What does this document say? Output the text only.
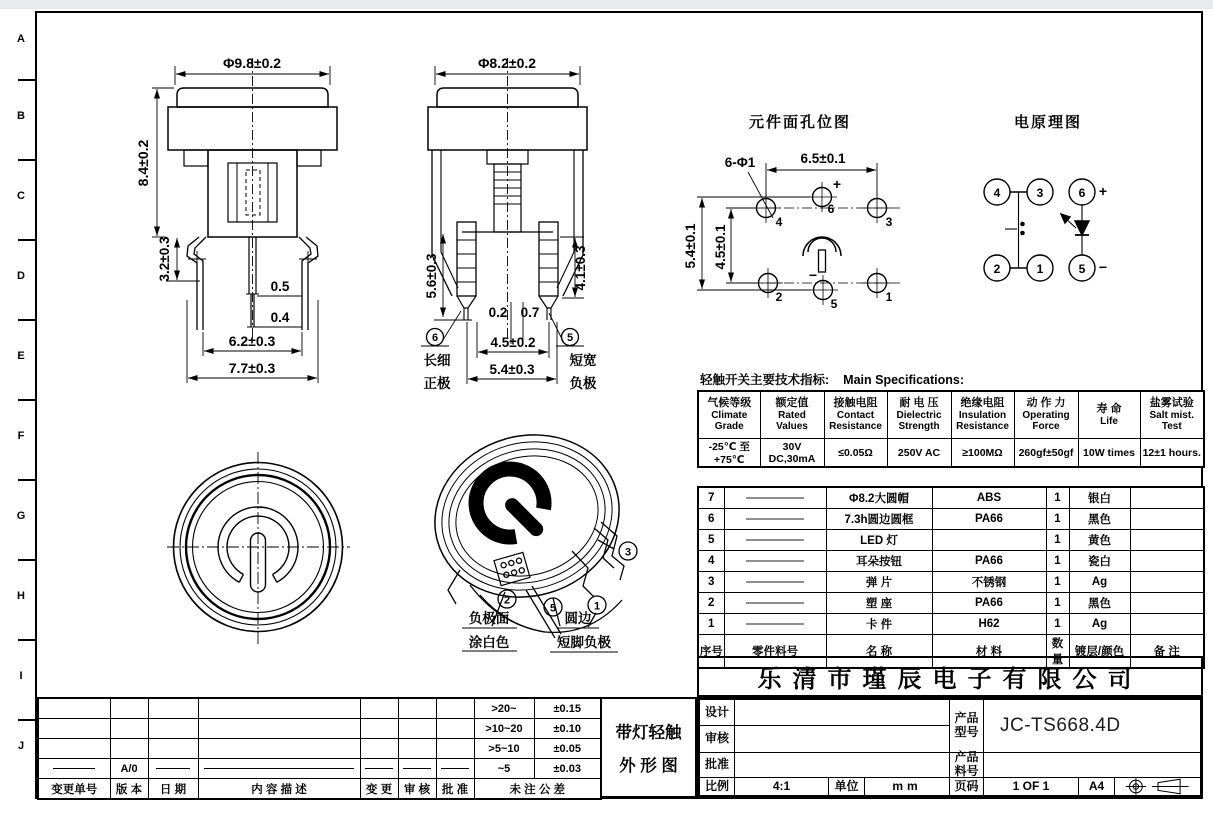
A
B
C
D
E
F
G
H
I
J
Φ9.8±0.2
8.4±0.2
3.2±0.3
0.5
0.4
6.2±0.3
7.7±0.3
Φ8.2±0.2
5.6±0.3	4.1±0.3
0.2 0.7
4.5±0.2
5.4±0.3
6
长细
正极
5
短宽
负极
元件面孔位图
6-Φ1	6.5±0.1
5.4±0.1 4.5±0.1
4
6
3
2	5	1
+
−
电原理图
4	3	6
2	1	5
+
−
2
5	1
3
负极面
涂白色
圆边
短脚负极
轻触开关主要技术指标: Main Specifications:
气候等级
Climate
Grade	额定值
Rated
Values	接触电阻
Contact
Resistance	耐 电 压
Dielectric
Strength	绝缘电阻
Insulation
Resistance	动 作 力
Operating
Force	寿 命
Life	盐雾试验
Salt mist.
Test
-25℃ 至 +75℃	30V DC,30mA	≤0.05Ω	250V AC	≥100MΩ	260gf±50gf	10W times	12±1 hours.
7		Φ8.2大圆帽	ABS	1	银白	
6		7.3h圆边圆框	PA66	1	黑色	
5		LED 灯		1	黄色	
4		耳朵按钮	PA66	1	瓷白	
3		弹 片	不锈钢	1	Ag	
2		塑 座	PA66	1	黑色	
1		卡 件	H62	1	Ag	
序号	零件料号	名 称	材 料	数量	镀层/颜色	备 注
乐清市瑾辰电子有限公司
设计
审核
批准
比例	4:1	单位	mm
产品
型号	JC-TS668.4D
产品
料号
页码	1 OF 1	A4
带灯轻触
外 形 图
							>20~	±0.15
							>10~20	±0.10
							>5~10	±0.05
	A/0						~5	±0.03
变更单号	版 本	日 期	内 容 描 述	变 更	审 核	批 准	未 注 公 差	
